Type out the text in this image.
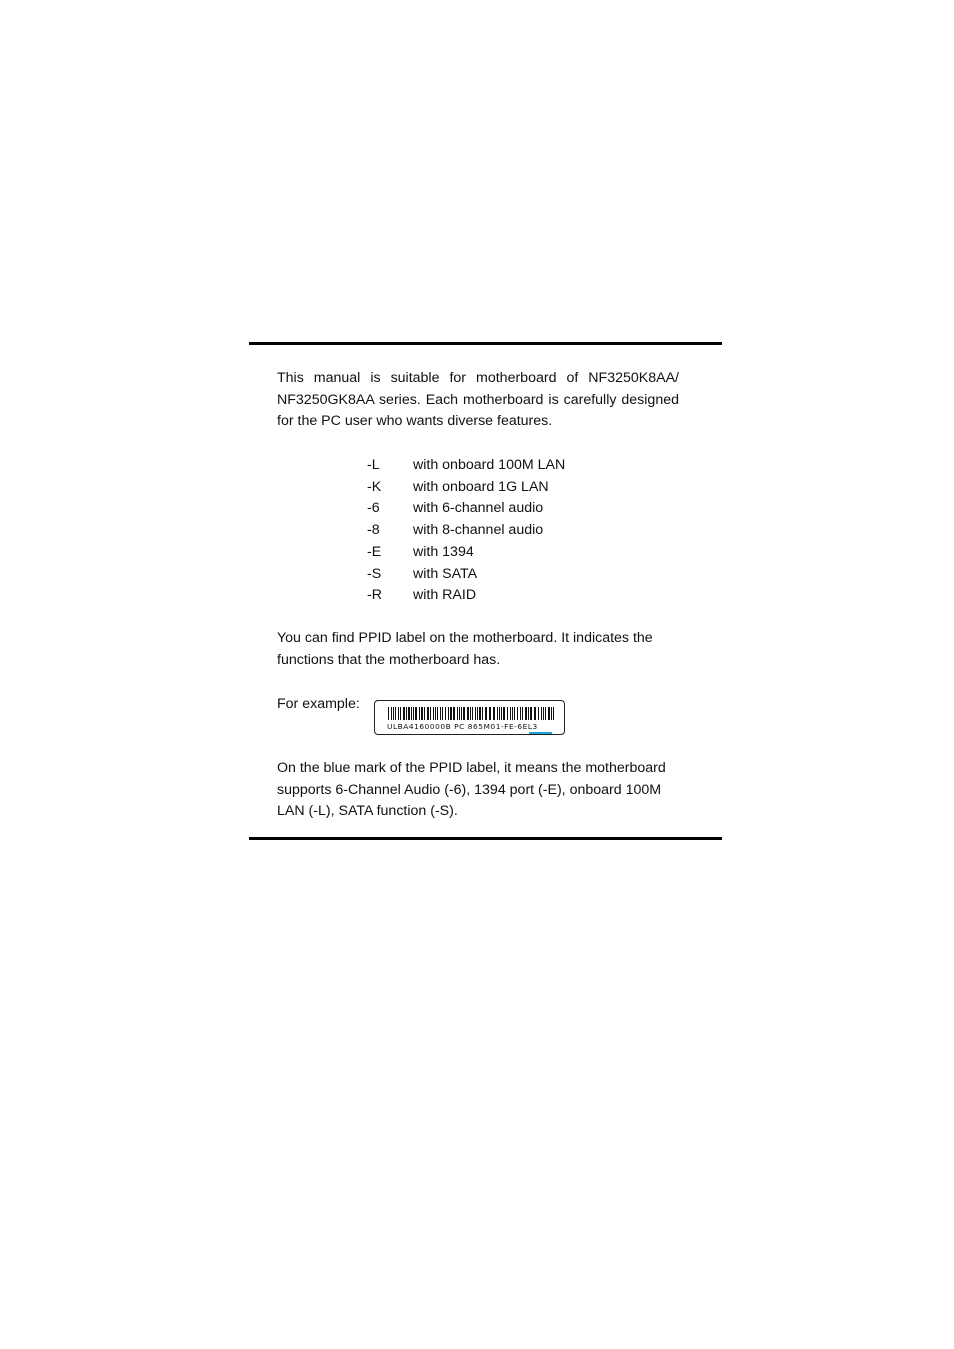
This manual is suitable for motherboard of NF3250K8AA/
NF3250GK8AA series. Each motherboard is carefully designed
for the PC user who wants diverse features.

-L	with onboard 100M LAN
-K	with onboard 1G LAN
-6	with 6-channel audio
-8	with 8-channel audio
-E	with 1394
-S	with SATA
-R	with RAID

You can find PPID label on the motherboard. It indicates the
functions that the motherboard has.

For example:
ULBA4160000B PC 865M01-FE-6EL3

On the blue mark of the PPID label, it means the motherboard
supports 6-Channel Audio (-6), 1394 port (-E), onboard 100M
LAN (-L), SATA function (-S).
